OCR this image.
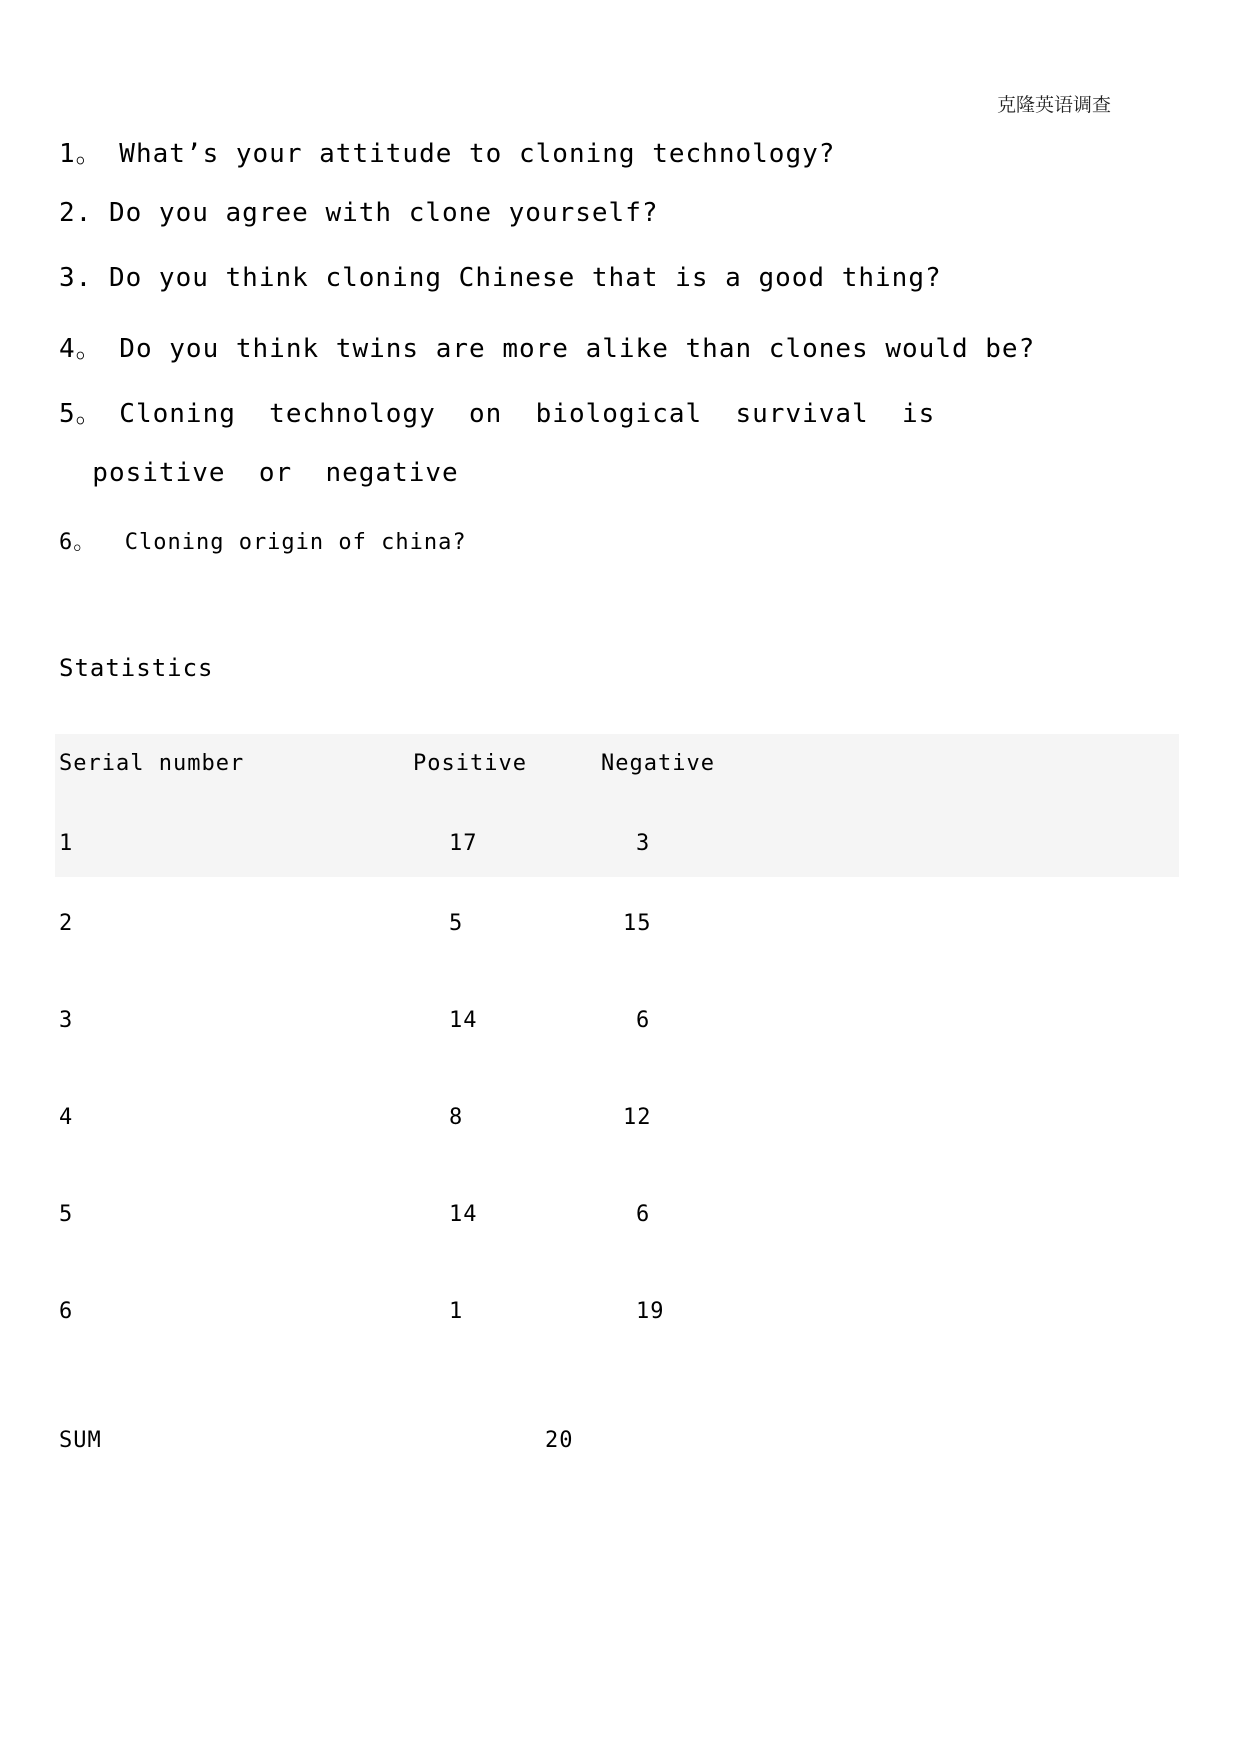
克隆英语调查
1。 What’s your attitude to cloning technology?
2. Do you agree with clone yourself?
3. Do you think cloning Chinese that is a good thing?
4。 Do you think twins are more alike than clones would be?
5。 Cloning  technology  on  biological  survival  is
positive  or  negative
6。  Cloning origin of china?
Statistics
Serial number	Positive	Negative
1	17	3
2	5	15
3	14	6
4	8	12
5	14	6
6	1	19
SUM	20
